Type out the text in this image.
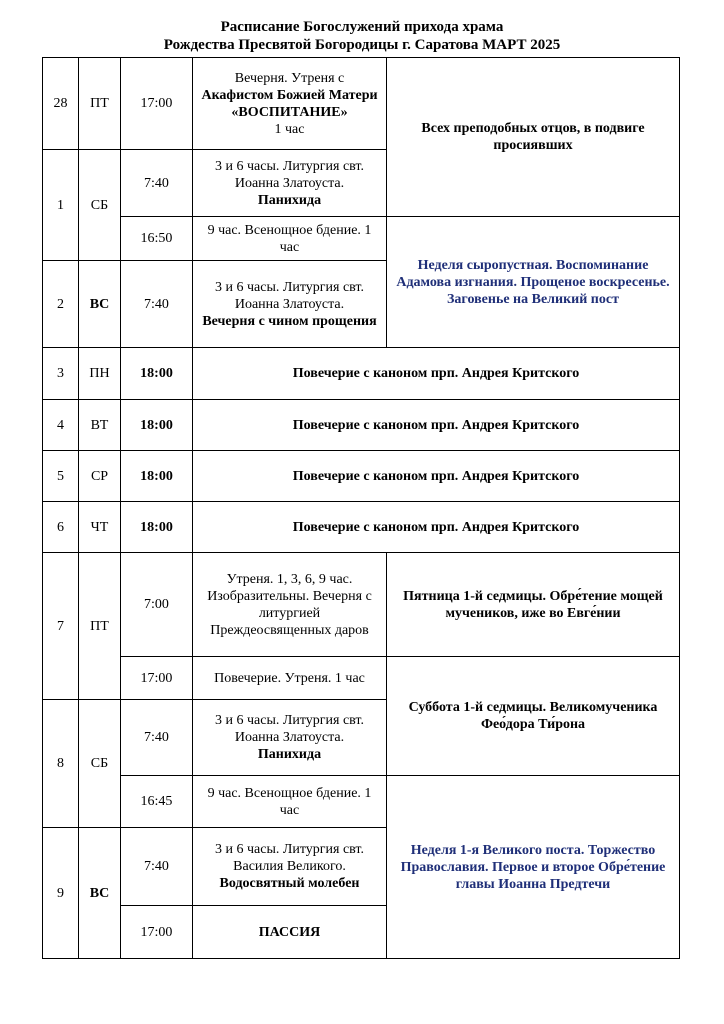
Расписание Богослужений прихода храма
Рождества Пресвятой Богородицы г. Саратова МАРТ 2025
28	ПТ	17:00	Вечерня. Утреня с
Акафистом Божией Матери «ВОСПИТАНИЕ»
1 час	Всех преподобных отцов, в подвиге просиявших
1	СБ	7:40	3 и 6 часы. Литургия свт. Иоанна Златоуста.
Панихида	

		16:50	9 час. Всенощное бдение. 1 час	Неделя сыропустная. Воспоминание Адамова изгнания. Прощеное воскресенье. Заговенье на Великий пост
2	ВС	7:40	3 и 6 часы. Литургия свт. Иоанна Златоуста.
Вечерня с чином прощения	

3	ПН	18:00	Повечерие с каноном прп. Андрея Критского	
4	ВТ	18:00	Повечерие с каноном прп. Андрея Критского	
5	СР	18:00	Повечерие с каноном прп. Андрея Критского	
6	ЧТ	18:00	Повечерие с каноном прп. Андрея Критского	
7	ПТ	7:00	Утреня. 1, 3, 6, 9 час. Изобразительны. Вечерня с литургией Преждеосвященных даров	Пятница 1-й седмицы. Обре́тение мощей мучеников, иже во Евге́нии
		17:00	Повечерие. Утреня. 1 час	Суббота 1-й седмицы. Великомученика Фео́дора Ти́рона
8	СБ	7:40	3 и 6 часы. Литургия свт. Иоанна Златоуста.
Панихида	

		16:45	9 час. Всенощное бдение. 1 час	Неделя 1-я Великого поста. Торжество Православия. Первое и второе Обре́тение главы Иоанна Предтечи
9	ВС	7:40	3 и 6 часы. Литургия свт. Василия Великого.
Водосвятный молебен	

		17:00	ПАССИЯ	
